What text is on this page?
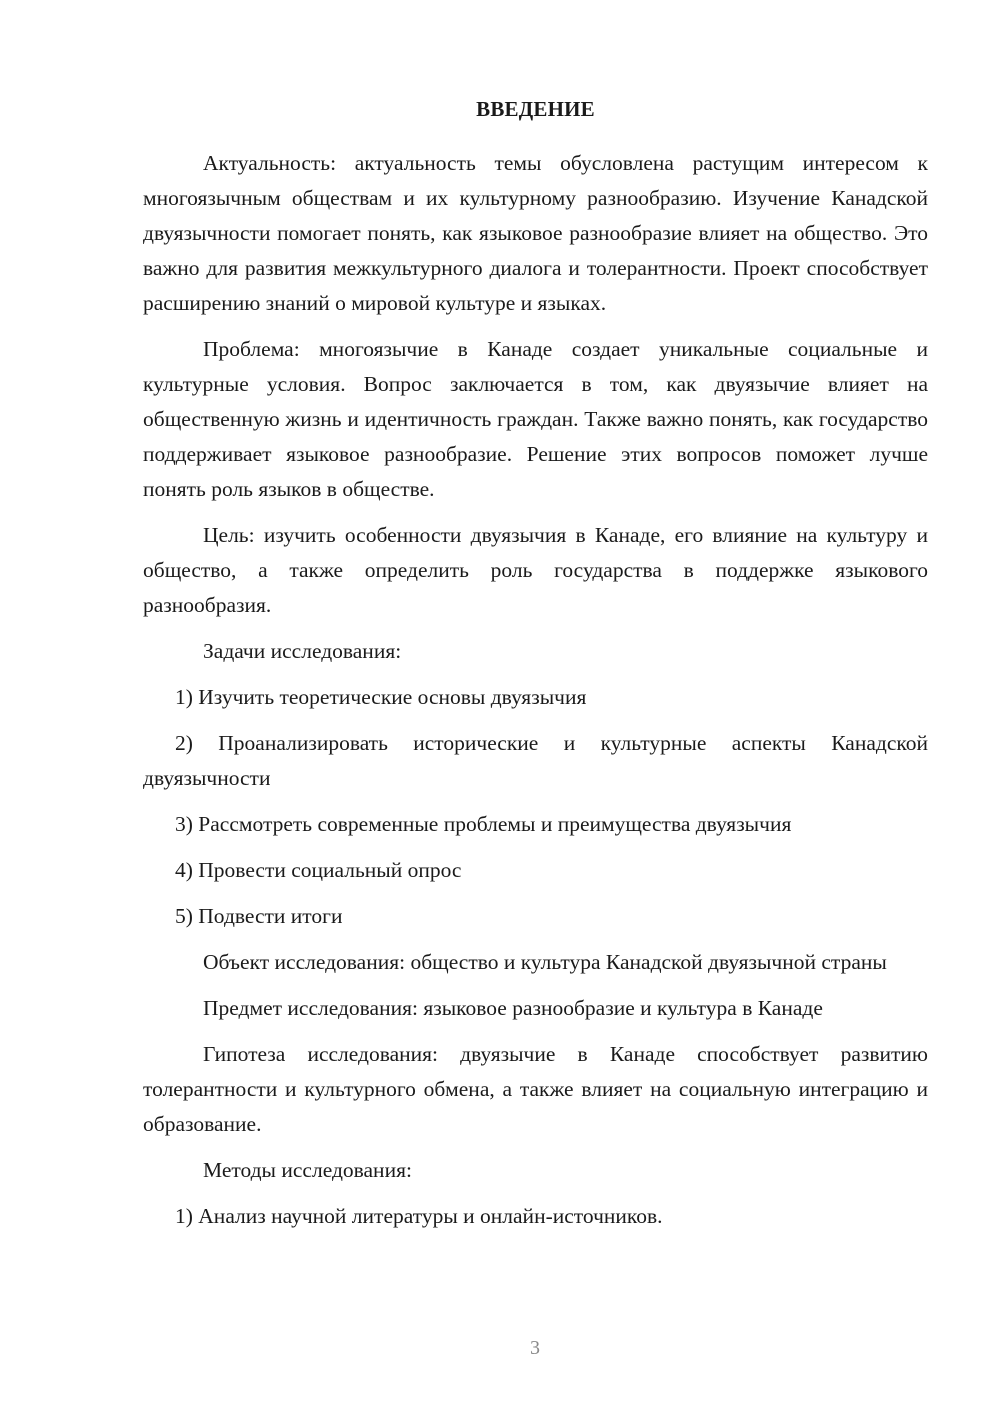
ВВЕДЕНИЕ
Актуальность: актуальность темы обусловлена растущим интересом к многоязычным обществам и их культурному разнообразию. Изучение Канадской двуязычности помогает понять, как языковое разнообразие влияет на общество. Это важно для развития межкультурного диалога и толерантности. Проект способствует расширению знаний о мировой культуре и языках.
Проблема: многоязычие в Канаде создает уникальные социальные и культурные условия. Вопрос заключается в том, как двуязычие влияет на общественную жизнь и идентичность граждан. Также важно понять, как государство поддерживает языковое разнообразие. Решение этих вопросов поможет лучше понять роль языков в обществе.
Цель: изучить особенности двуязычия в Канаде, его влияние на культуру и общество, а также определить роль государства в поддержке языкового разнообразия.
Задачи исследования:
1) Изучить теоретические основы двуязычия
2) Проанализировать исторические и культурные аспекты Канадской двуязычности
3) Рассмотреть современные проблемы и преимущества двуязычия
4) Провести социальный опрос
5) Подвести итоги
Объект исследования: общество и культура Канадской двуязычной страны
Предмет исследования: языковое разнообразие и культура в Канаде
Гипотеза исследования: двуязычие в Канаде способствует развитию толерантности и культурного обмена, а также влияет на социальную интеграцию и образование.
Методы исследования:
1) Анализ научной литературы и онлайн-источников.
3
